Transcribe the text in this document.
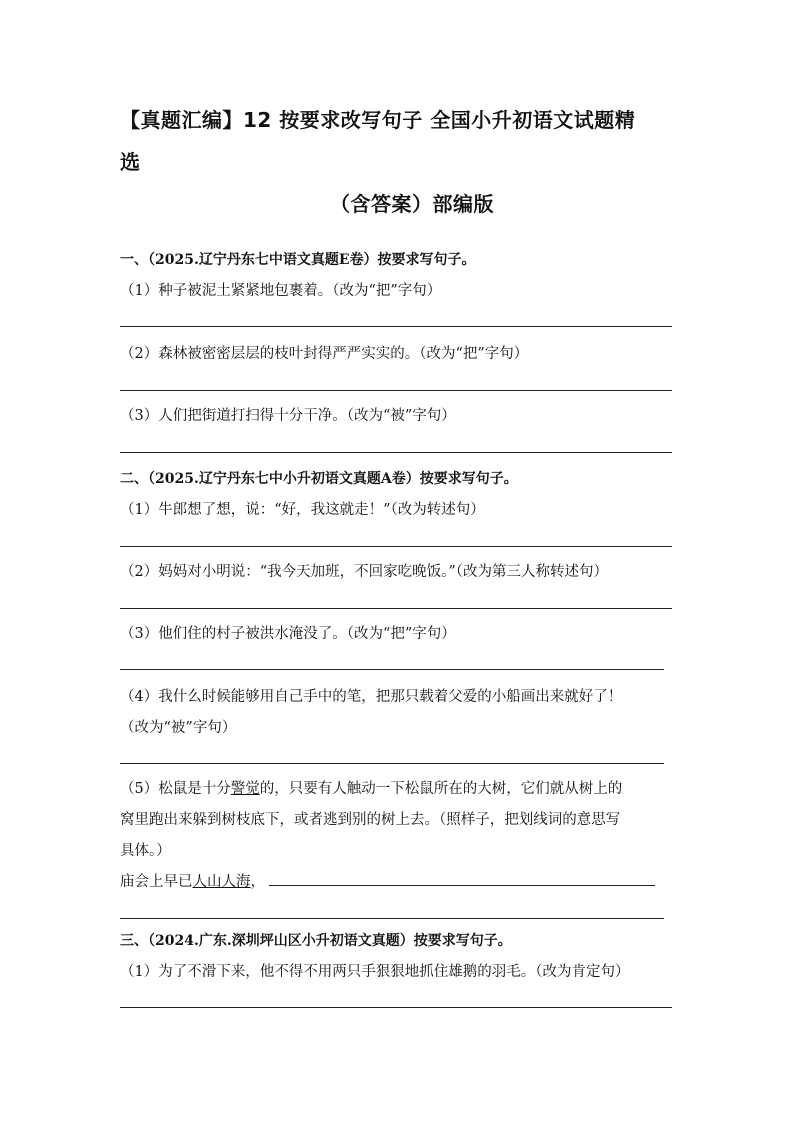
【真题汇编】12 按要求改写句子 全国小升初语文试题精
选
（含答案）部编版
一、（2025.辽宁丹东七中语文真题E卷）按要求写句子。
（1）种子被泥土紧紧地包裹着。（改为“把”字句）
（2）森林被密密层层的枝叶封得严严实实的。（改为“把”字句）
（3）人们把街道打扫得十分干净。（改为“被”字句）
二、（2025.辽宁丹东七中小升初语文真题A卷）按要求写句子。
（1）牛郎想了想，说：“好，我这就走！”（改为转述句）
（2）妈妈对小明说：“我今天加班，不回家吃晚饭。”（改为第三人称转述句）
（3）他们住的村子被洪水淹没了。（改为“把”字句）
（4）我什么时候能够用自己手中的笔，把那只载着父爱的小船画出来就好了！
（改为“被”字句）
（5）松鼠是十分警觉的，只要有人触动一下松鼠所在的大树，它们就从树上的
窝里跑出来躲到树枝底下，或者逃到别的树上去。（照样子，把划线词的意思写
具体。）
庙会上早已人山人海，
三、（2024.广东.深圳坪山区小升初语文真题）按要求写句子。
（1）为了不滑下来，他不得不用两只手狠狠地抓住雄鹅的羽毛。（改为肯定句）
